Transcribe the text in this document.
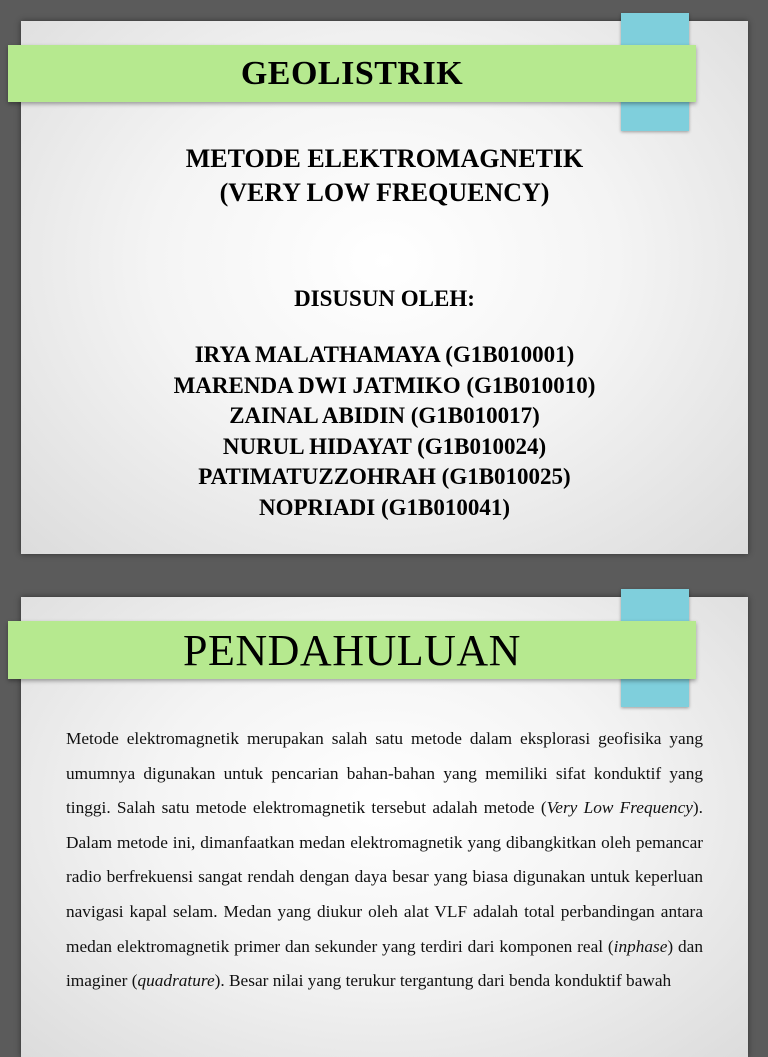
GEOLISTRIK
METODE ELEKTROMAGNETIK
(VERY LOW FREQUENCY)
DISUSUN OLEH:
IRYA MALATHAMAYA (G1B010001)
MARENDA DWI JATMIKO (G1B010010)
ZAINAL ABIDIN (G1B010017)
NURUL HIDAYAT (G1B010024)
PATIMATUZZOHRAH (G1B010025)
NOPRIADI (G1B010041)
PENDAHULUAN
Metode elektromagnetik merupakan salah satu metode dalam eksplorasi geofisika yang umumnya digunakan untuk pencarian bahan-bahan yang memiliki sifat konduktif yang tinggi. Salah satu metode elektromagnetik tersebut adalah metode (Very Low Frequency). Dalam metode ini, dimanfaatkan medan elektromagnetik yang dibangkitkan oleh pemancar radio berfrekuensi sangat rendah dengan daya besar yang biasa digunakan untuk keperluan navigasi kapal selam. Medan yang diukur oleh alat VLF adalah total perbandingan antara medan elektromagnetik primer dan sekunder yang terdiri dari komponen real (inphase) dan imaginer (quadrature). Besar nilai yang terukur tergantung dari benda konduktif bawah
